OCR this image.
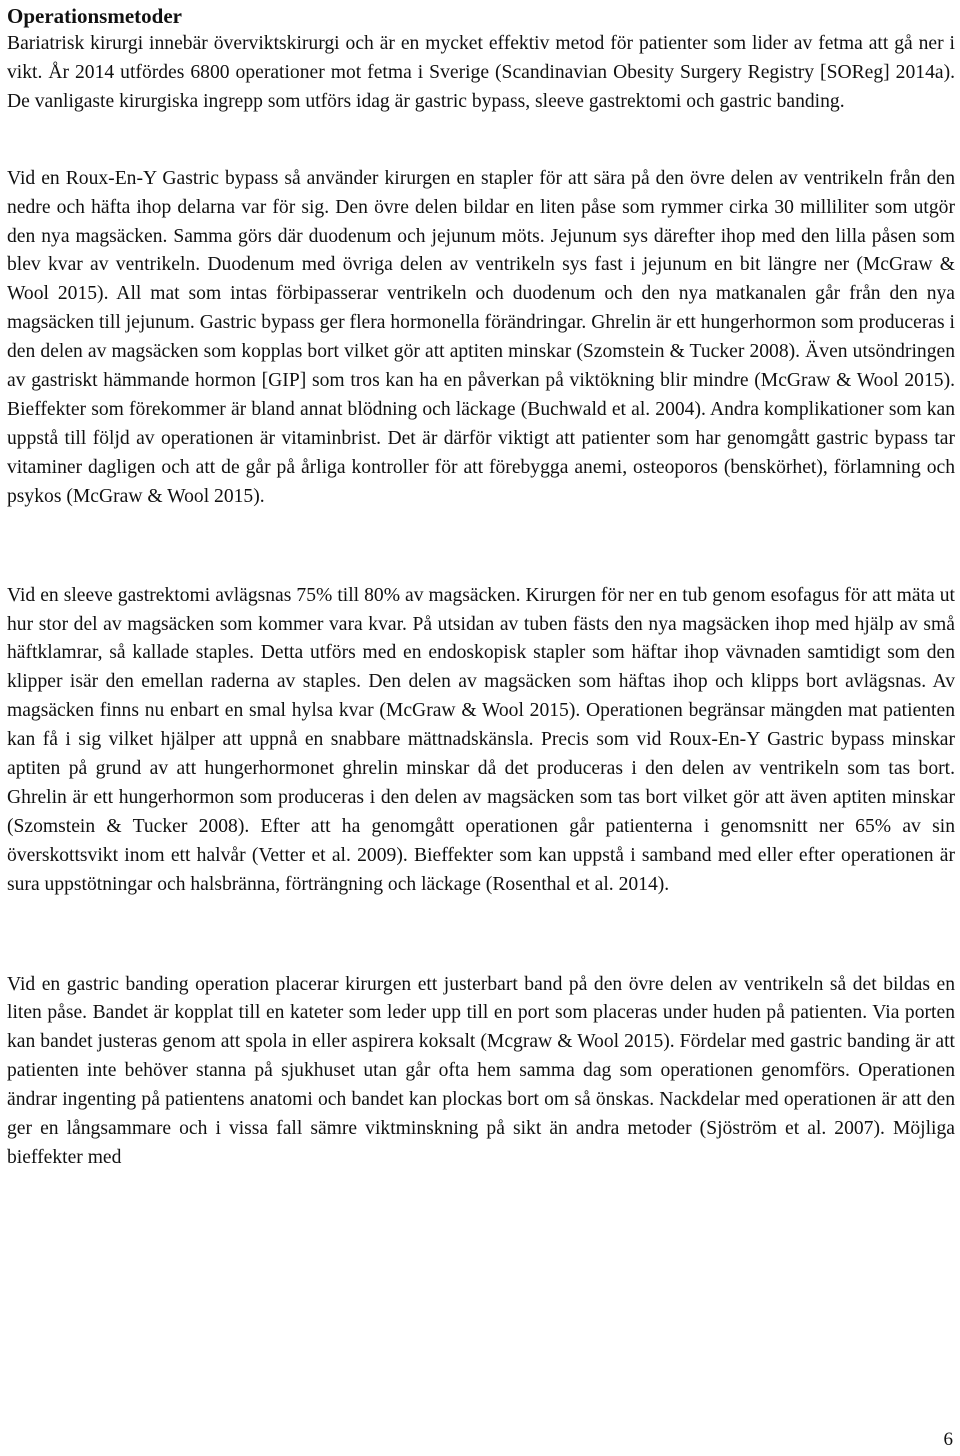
Operationsmetoder

Bariatrisk kirurgi innebär överviktskirurgi och är en mycket effektiv metod för patienter som lider av fetma att gå ner i vikt. År 2014 utfördes 6800 operationer mot fetma i Sverige (Scandinavian Obesity Surgery Registry [SOReg] 2014a). De vanligaste kirurgiska ingrepp som utförs idag är gastric bypass, sleeve gastrektomi och gastric banding.

Vid en Roux-En-Y Gastric bypass så använder kirurgen en stapler för att sära på den övre delen av ventrikeln från den nedre och häfta ihop delarna var för sig. Den övre delen bildar en liten påse som rymmer cirka 30 milliliter som utgör den nya magsäcken. Samma görs där duodenum och jejunum möts. Jejunum sys därefter ihop med den lilla påsen som blev kvar av ventrikeln. Duodenum med övriga delen av ventrikeln sys fast i jejunum en bit längre ner (McGraw & Wool 2015). All mat som intas förbipasserar ventrikeln och duodenum och den nya matkanalen går från den nya magsäcken till jejunum. Gastric bypass ger flera hormonella förändringar. Ghrelin är ett hungerhormon som produceras i den delen av magsäcken som kopplas bort vilket gör att aptiten minskar (Szomstein & Tucker 2008). Även utsöndringen av gastriskt hämmande hormon [GIP] som tros kan ha en påverkan på viktökning blir mindre (McGraw & Wool 2015). Bieffekter som förekommer är bland annat blödning och läckage (Buchwald et al. 2004). Andra komplikationer som kan uppstå till följd av operationen är vitaminbrist. Det är därför viktigt att patienter som har genomgått gastric bypass tar vitaminer dagligen och att de går på årliga kontroller för att förebygga anemi, osteoporos (benskörhet), förlamning och psykos (McGraw & Wool 2015).

Vid en sleeve gastrektomi avlägsnas 75% till 80% av magsäcken. Kirurgen för ner en tub genom esofagus för att mäta ut hur stor del av magsäcken som kommer vara kvar. På utsidan av tuben fästs den nya magsäcken ihop med hjälp av små häftklamrar, så kallade staples. Detta utförs med en endoskopisk stapler som häftar ihop vävnaden samtidigt som den klipper isär den emellan raderna av staples. Den delen av magsäcken som häftas ihop och klipps bort avlägsnas. Av magsäcken finns nu enbart en smal hylsa kvar (McGraw & Wool 2015). Operationen begränsar mängden mat patienten kan få i sig vilket hjälper att uppnå en snabbare mättnadskänsla. Precis som vid Roux-En-Y Gastric bypass minskar aptiten på grund av att hungerhormonet ghrelin minskar då det produceras i den delen av ventrikeln som tas bort. Ghrelin är ett hungerhormon som produceras i den delen av magsäcken som tas bort vilket gör att även aptiten minskar (Szomstein & Tucker 2008). Efter att ha genomgått operationen går patienterna i genomsnitt ner 65% av sin överskottsvikt inom ett halvår (Vetter et al. 2009). Bieffekter som kan uppstå i samband med eller efter operationen är sura uppstötningar och halsbränna, förträngning och läckage (Rosenthal et al. 2014).

Vid en gastric banding operation placerar kirurgen ett justerbart band på den övre delen av ventrikeln så det bildas en liten påse. Bandet är kopplat till en kateter som leder upp till en port som placeras under huden på patienten. Via porten kan bandet justeras genom att spola in eller aspirera koksalt (Mcgraw & Wool 2015). Fördelar med gastric banding är att patienten inte behöver stanna på sjukhuset utan går ofta hem samma dag som operationen genomförs. Operationen ändrar ingenting på patientens anatomi och bandet kan plockas bort om så önskas. Nackdelar med operationen är att den ger en långsammare och i vissa fall sämre viktminskning på sikt än andra metoder (Sjöström et al. 2007). Möjliga bieffekter med

6
